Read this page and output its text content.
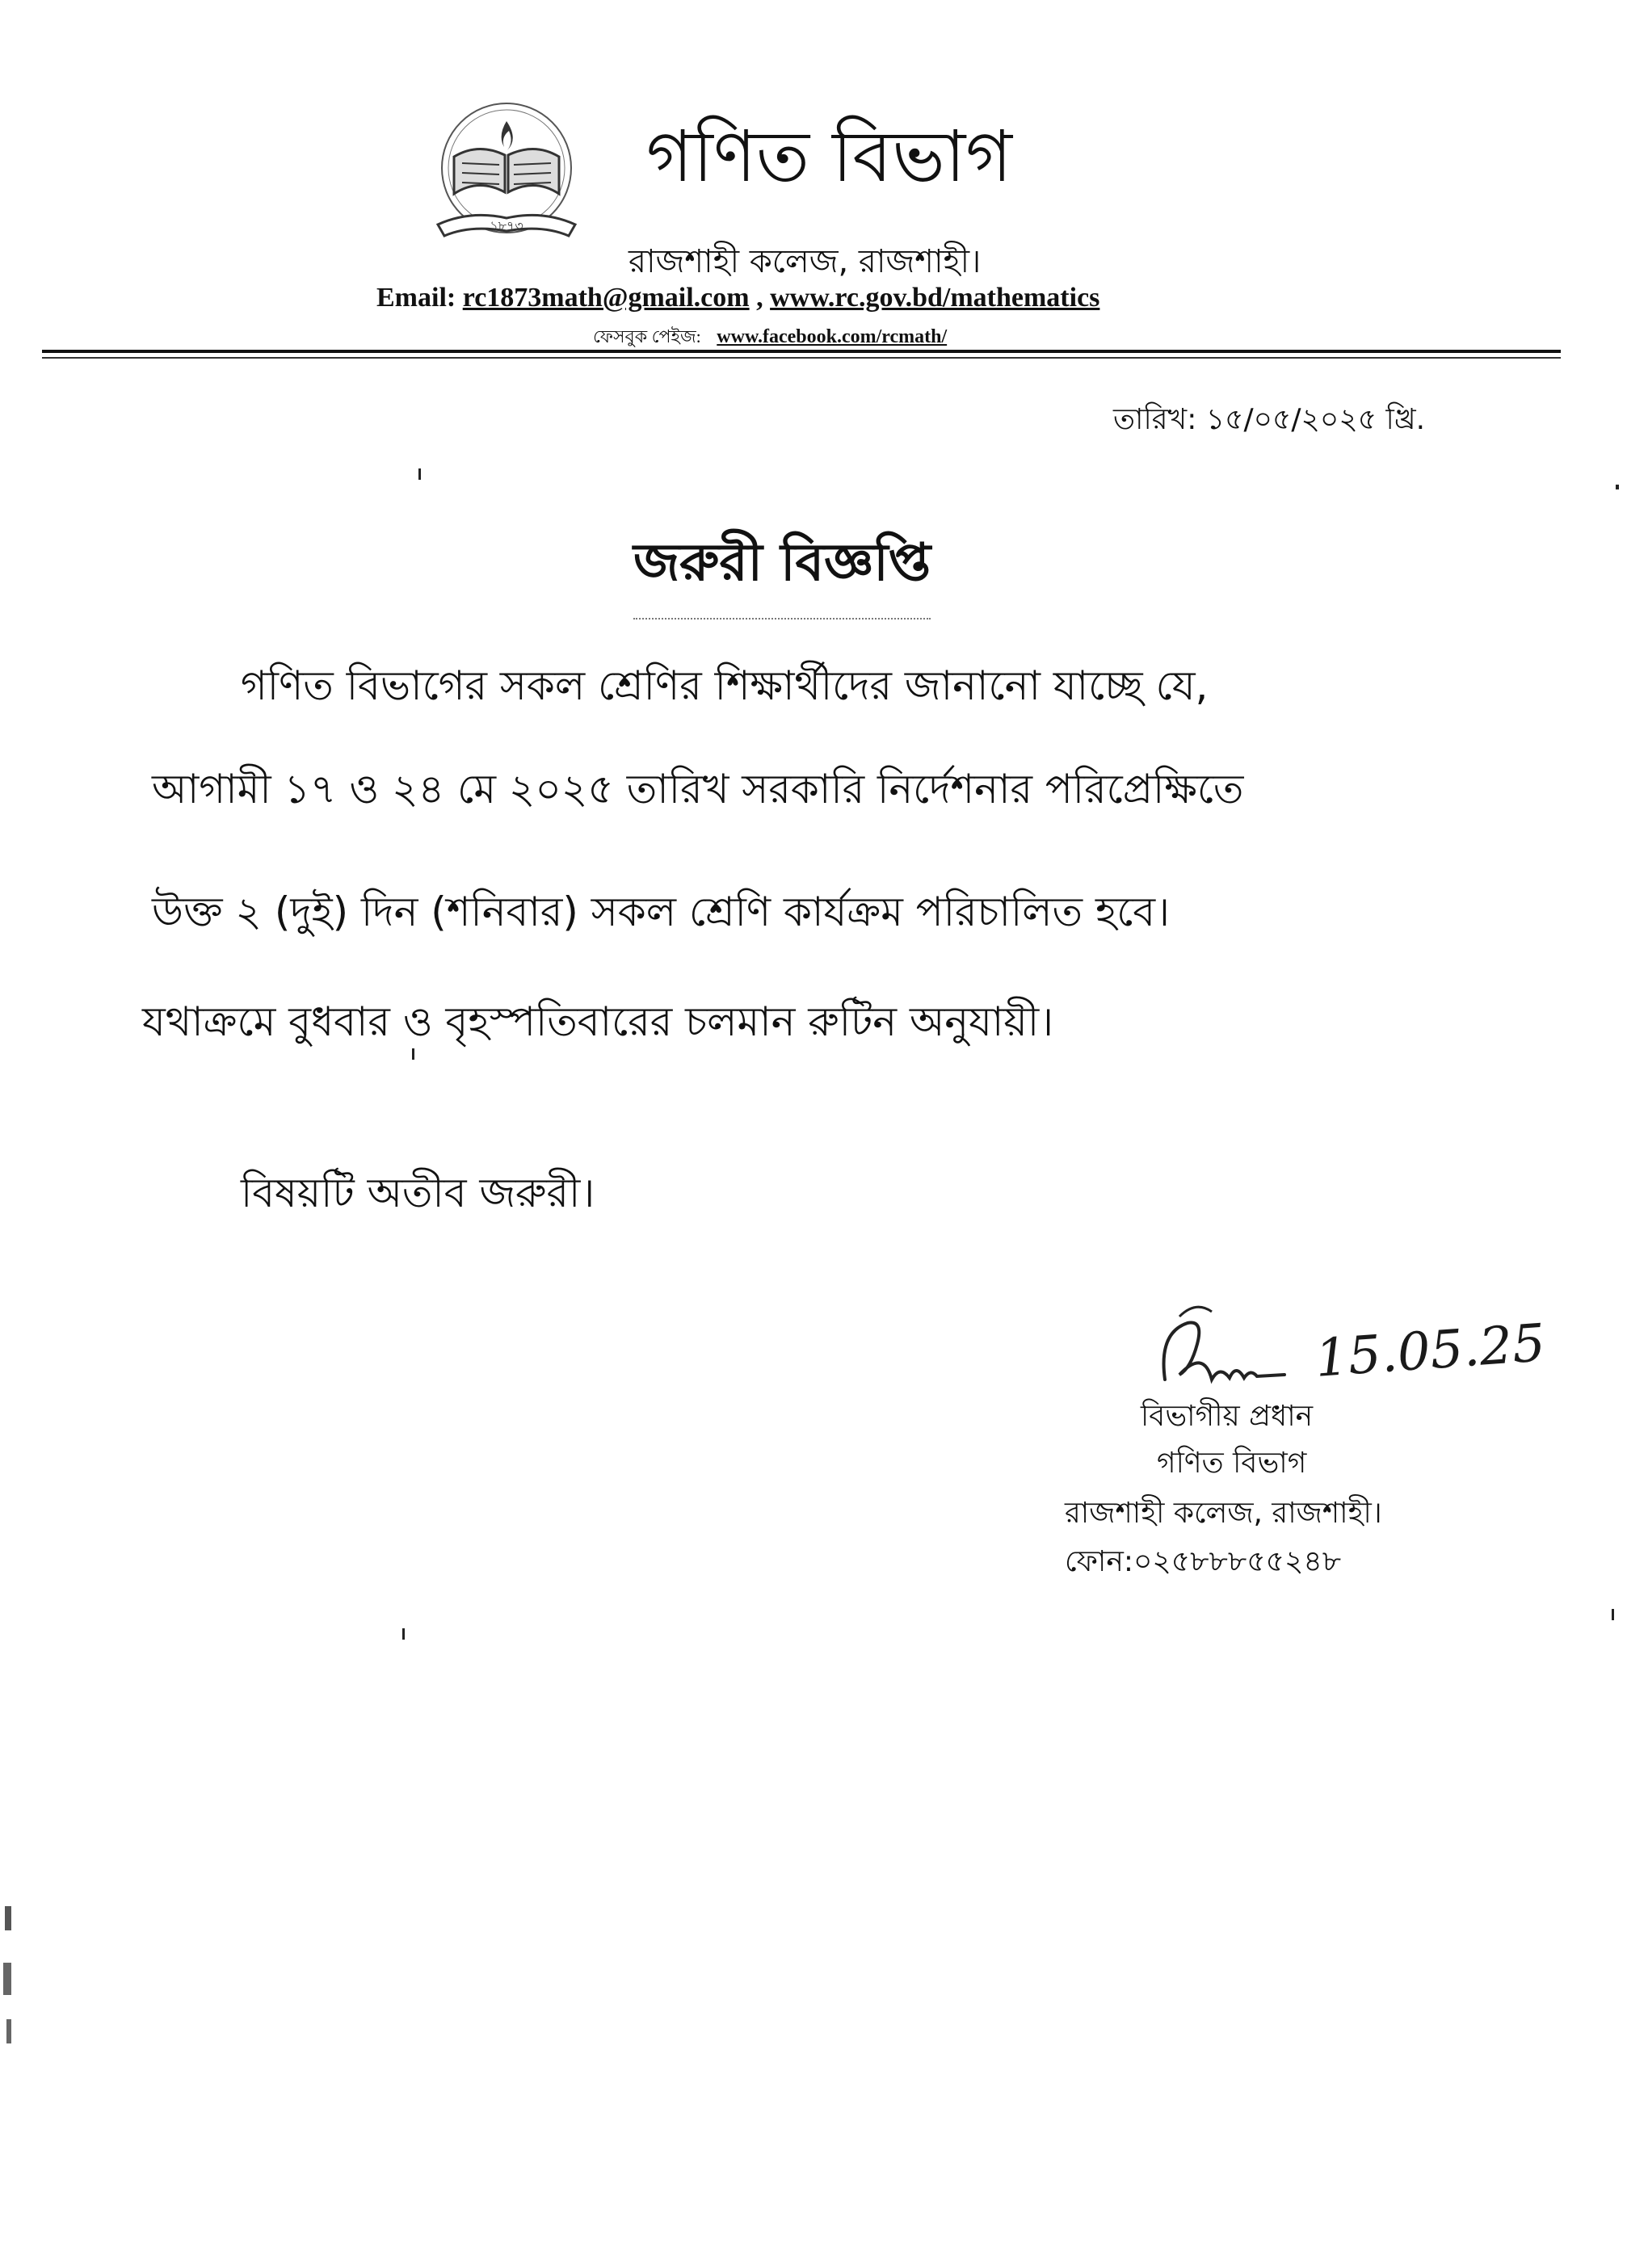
১৮৭৩
গণিত বিভাগ
রাজশাহী কলেজ, রাজশাহী।
Email: rc1873math@gmail.com , www.rc.gov.bd/mathematics
ফেসবুক পেইজ: www.facebook.com/rcmath/
তারিখ: ১৫/০৫/২০২৫ খ্রি.
জরুরী বিজ্ঞপ্তি
গণিত বিভাগের সকল শ্রেণির শিক্ষার্থীদের জানানো যাচ্ছে যে,
আগামী ১৭ ও ২৪ মে ২০২৫ তারিখ সরকারি নির্দেশনার পরিপ্রেক্ষিতে
উক্ত ২ (দুই) দিন (শনিবার) সকল শ্রেণি কার্যক্রম পরিচালিত হবে।
যথাক্রমে বুধবার ও বৃহস্পতিবারের চলমান রুটিন অনুযায়ী।
বিষয়টি অতীব জরুরী।
15.05.25
বিভাগীয় প্রধান
গণিত বিভাগ
রাজশাহী কলেজ, রাজশাহী।
ফোন:০২৫৮৮৮৫৫২৪৮
